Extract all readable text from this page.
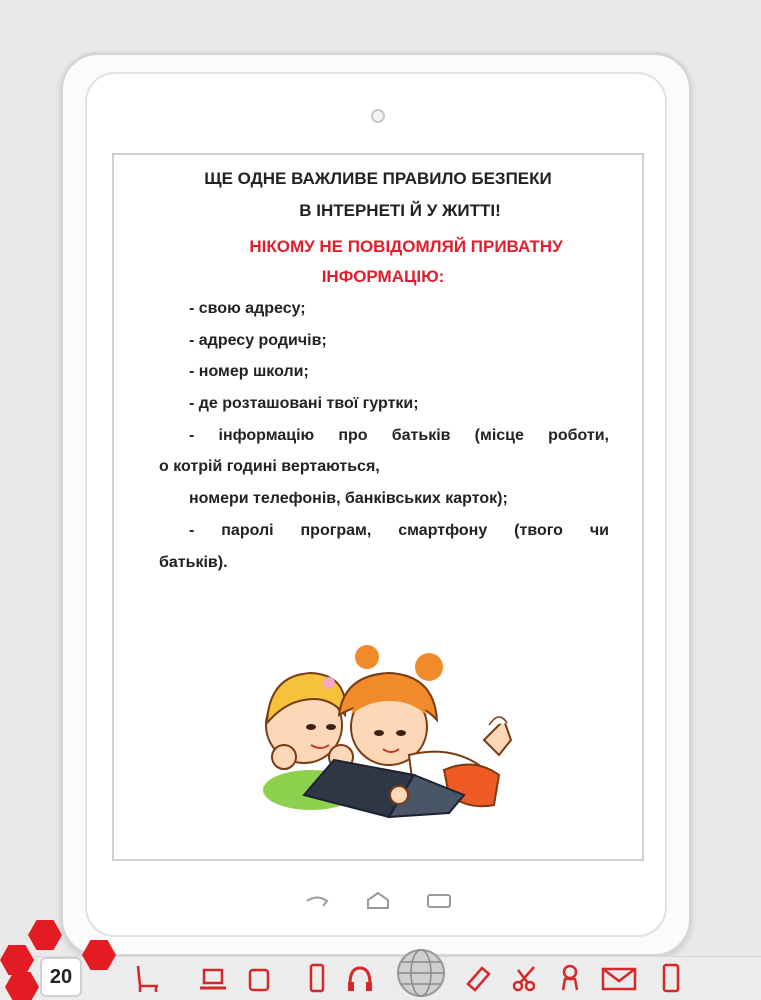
ЩЕ ОДНЕ ВАЖЛИВЕ ПРАВИЛО БЕЗПЕКИ
В ІНТЕРНЕТІ Й У ЖИТТІ!
НІКОМУ НЕ ПОВІДОМЛЯЙ ПРИВАТНУ
ІНФОРМАЦІЮ:
- свою адресу;
- адресу родичів;
- номер школи;
- де розташовані твої гуртки;
- інформацію про батьків (місце роботи,
о котрій годині вертаються,
номери телефонів, банківських карток);
- паролі програм, смартфону (твого чи
батьків).
20
